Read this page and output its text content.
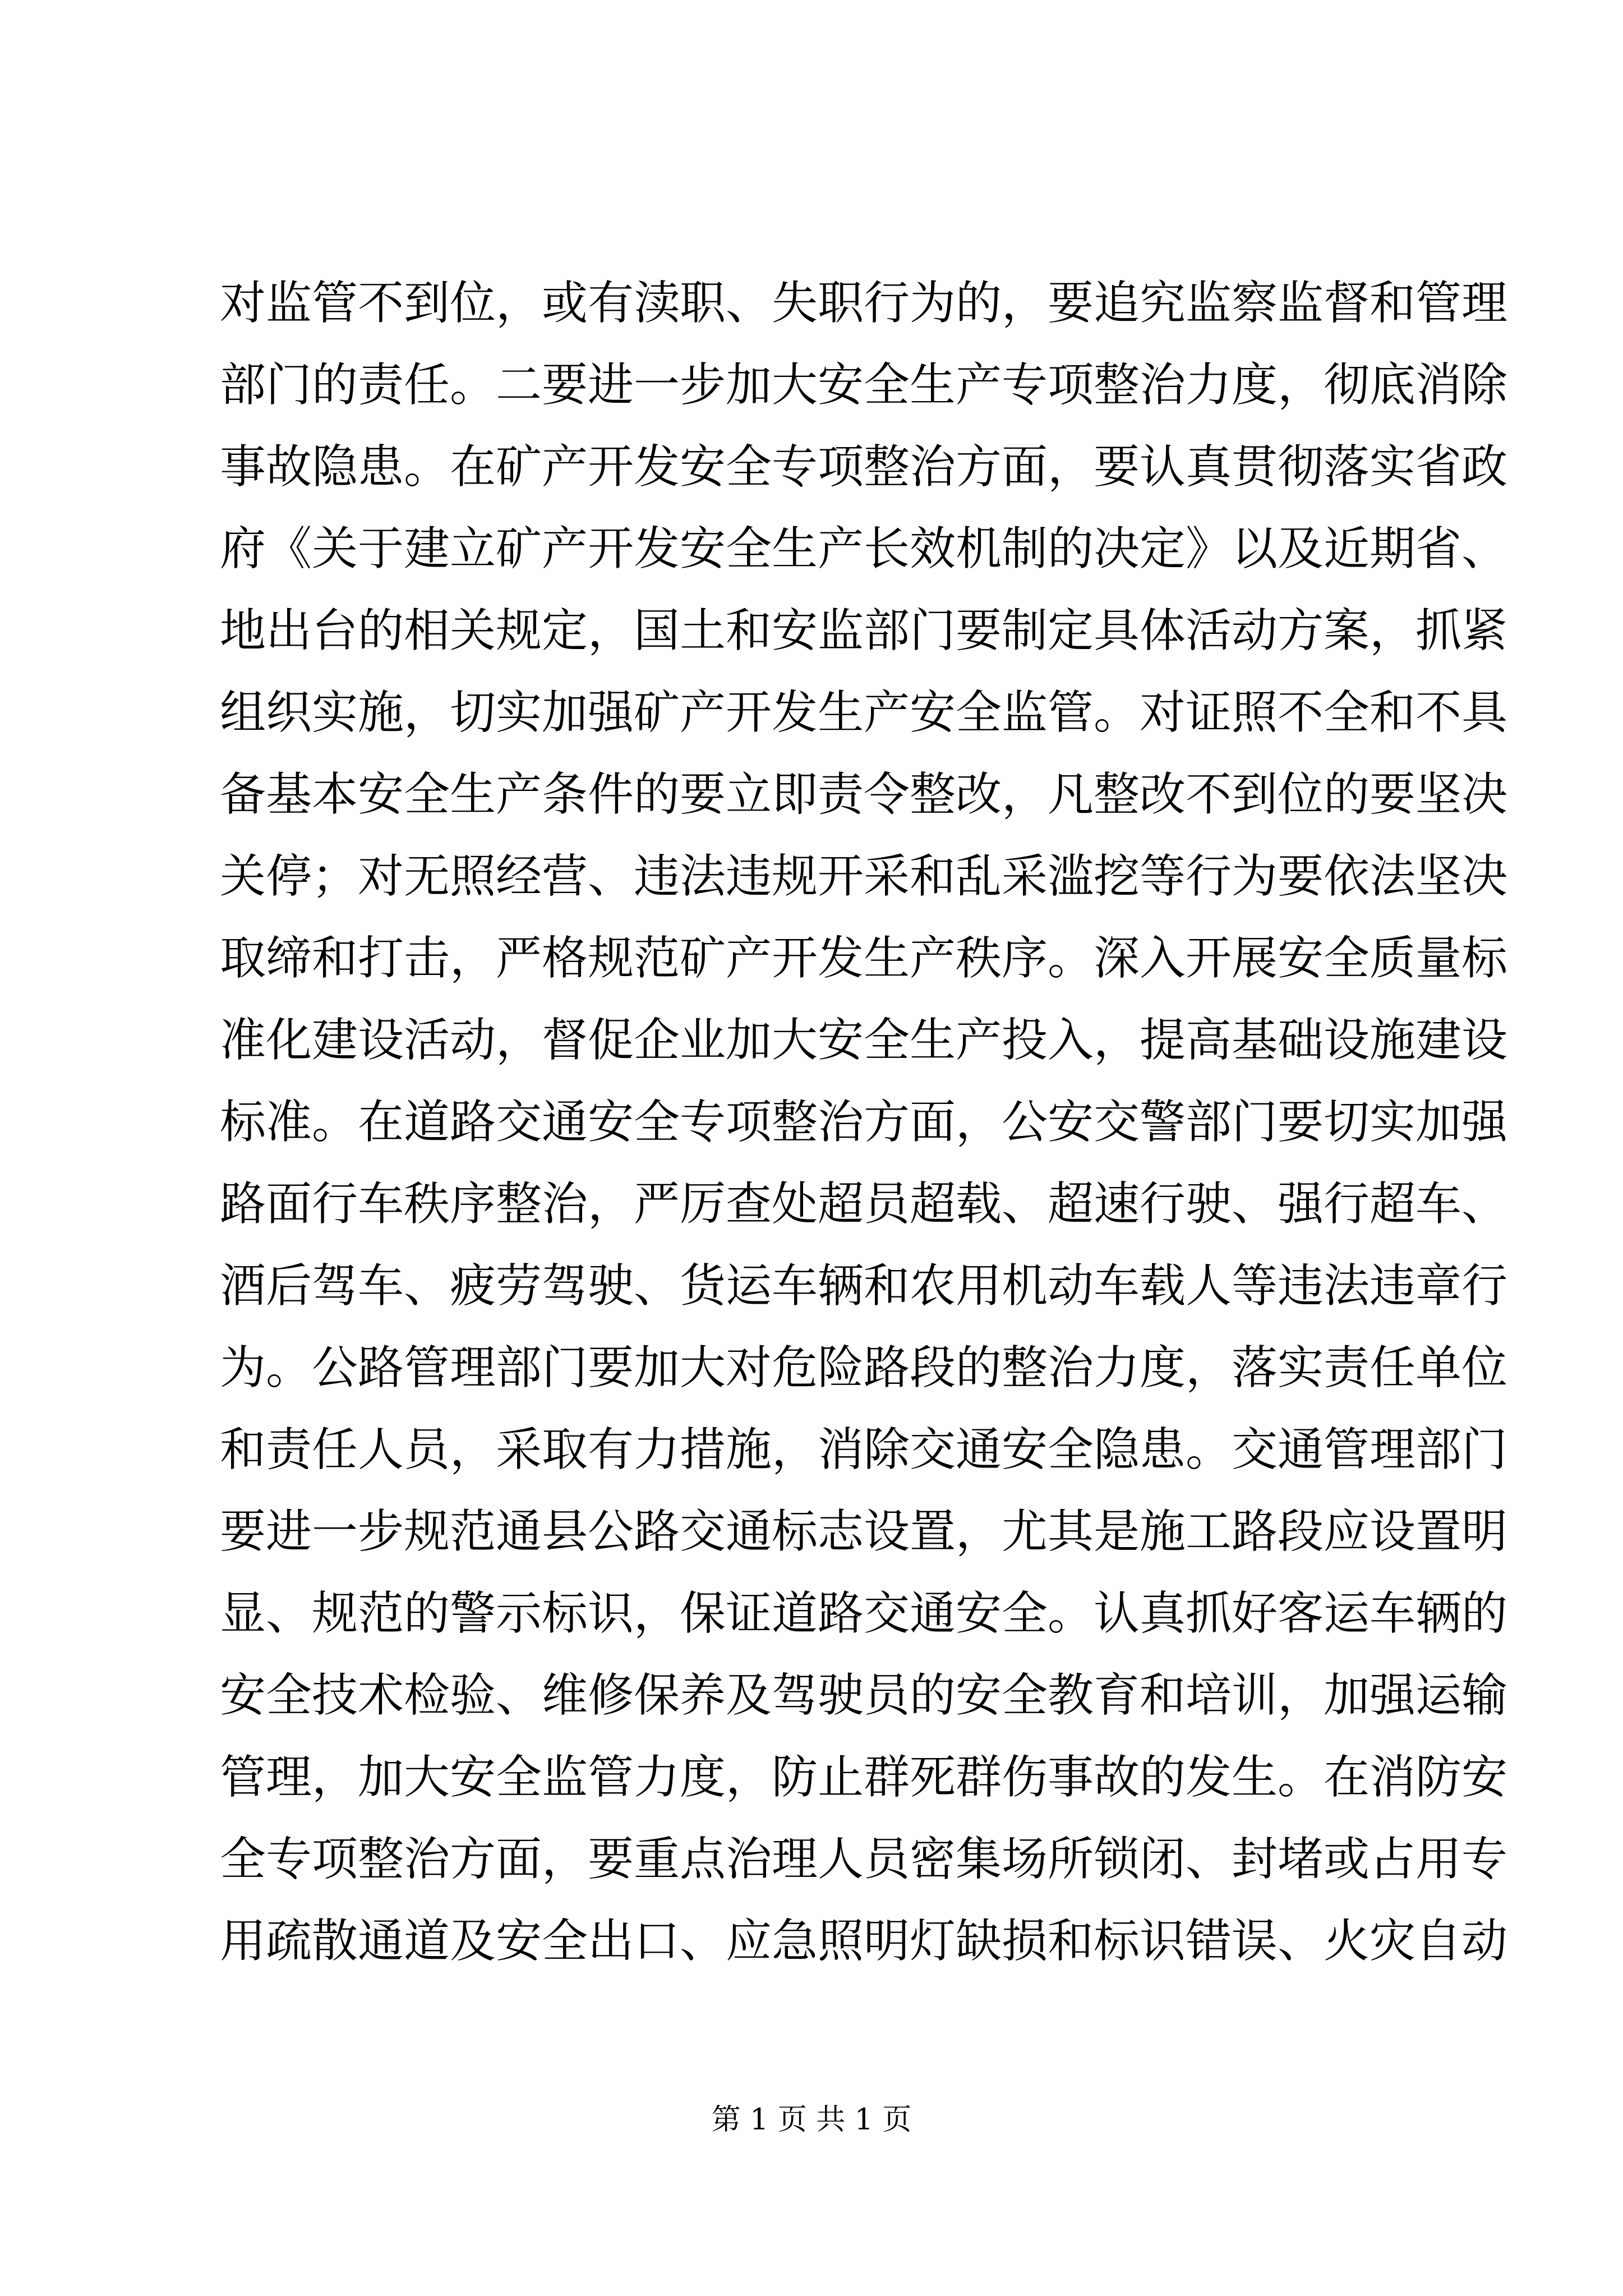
对监管不到位，或有渎职、失职行为的，要追究监察监督和管理
部门的责任。二要进一步加大安全生产专项整治力度，彻底消除
事故隐患。在矿产开发安全专项整治方面，要认真贯彻落实省政
府《关于建立矿产开发安全生产长效机制的决定》以及近期省、
地出台的相关规定，国土和安监部门要制定具体活动方案，抓紧
组织实施，切实加强矿产开发生产安全监管。对证照不全和不具
备基本安全生产条件的要立即责令整改，凡整改不到位的要坚决
关停；对无照经营、违法违规开采和乱采滥挖等行为要依法坚决
取缔和打击，严格规范矿产开发生产秩序。深入开展安全质量标
准化建设活动，督促企业加大安全生产投入，提高基础设施建设
标准。在道路交通安全专项整治方面，公安交警部门要切实加强
路面行车秩序整治，严厉查处超员超载、超速行驶、强行超车、
酒后驾车、疲劳驾驶、货运车辆和农用机动车载人等违法违章行
为。公路管理部门要加大对危险路段的整治力度，落实责任单位
和责任人员，采取有力措施，消除交通安全隐患。交通管理部门
要进一步规范通县公路交通标志设置，尤其是施工路段应设置明
显、规范的警示标识，保证道路交通安全。认真抓好客运车辆的
安全技术检验、维修保养及驾驶员的安全教育和培训，加强运输
管理，加大安全监管力度，防止群死群伤事故的发生。在消防安
全专项整治方面，要重点治理人员密集场所锁闭、封堵或占用专
用疏散通道及安全出口、应急照明灯缺损和标识错误、火灾自动
第 1 页 共 1 页
